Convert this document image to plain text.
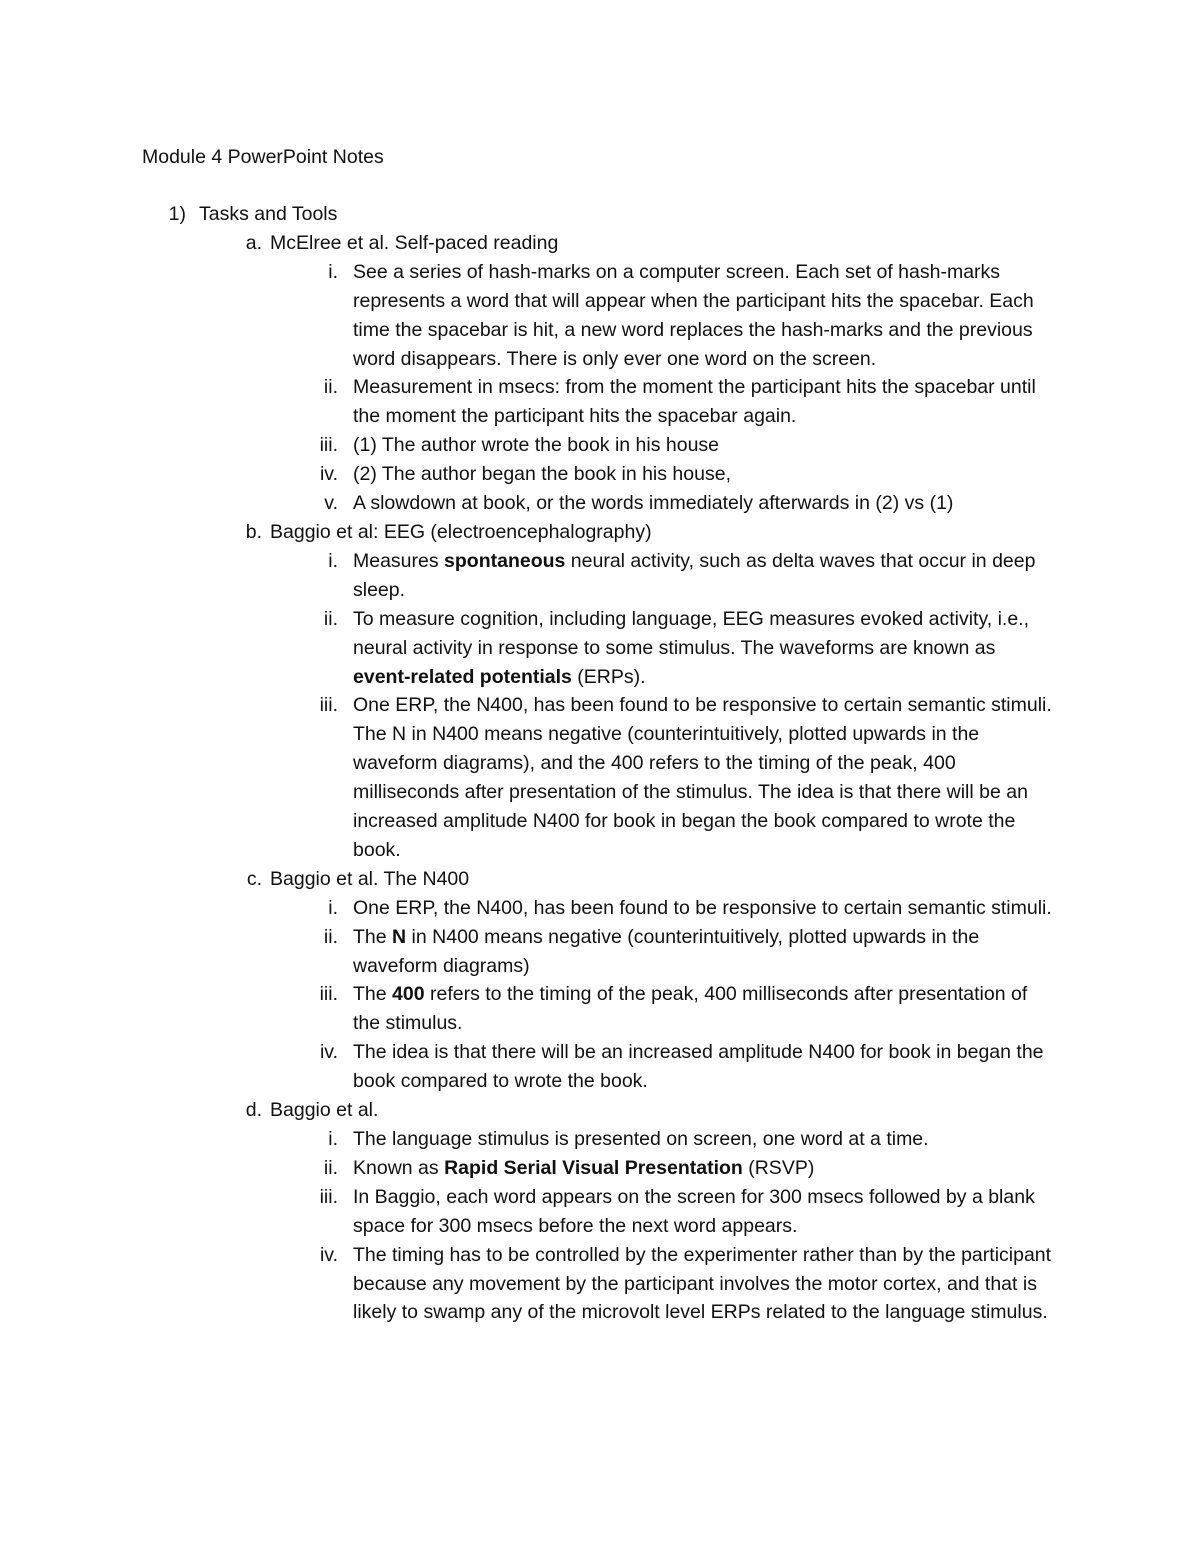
Module 4 PowerPoint Notes
1) Tasks and Tools
a. McElree et al. Self-paced reading
i. See a series of hash-marks on a computer screen. Each set of hash-marks represents a word that will appear when the participant hits the spacebar. Each time the spacebar is hit, a new word replaces the hash-marks and the previous word disappears. There is only ever one word on the screen.
ii. Measurement in msecs: from the moment the participant hits the spacebar until the moment the participant hits the spacebar again.
iii. (1) The author wrote the book in his house
iv. (2) The author began the book in his house,
v. A slowdown at book, or the words immediately afterwards in (2) vs (1)
b. Baggio et al: EEG (electroencephalography)
i. Measures spontaneous neural activity, such as delta waves that occur in deep sleep.
ii. To measure cognition, including language, EEG measures evoked activity, i.e., neural activity in response to some stimulus. The waveforms are known as event-related potentials (ERPs).
iii. One ERP, the N400, has been found to be responsive to certain semantic stimuli. The N in N400 means negative (counterintuitively, plotted upwards in the waveform diagrams), and the 400 refers to the timing of the peak, 400 milliseconds after presentation of the stimulus. The idea is that there will be an increased amplitude N400 for book in began the book compared to wrote the book.
c. Baggio et al. The N400
i. One ERP, the N400, has been found to be responsive to certain semantic stimuli.
ii. The N in N400 means negative (counterintuitively, plotted upwards in the waveform diagrams)
iii. The 400 refers to the timing of the peak, 400 milliseconds after presentation of the stimulus.
iv. The idea is that there will be an increased amplitude N400 for book in began the book compared to wrote the book.
d. Baggio et al.
i. The language stimulus is presented on screen, one word at a time.
ii. Known as Rapid Serial Visual Presentation (RSVP)
iii. In Baggio, each word appears on the screen for 300 msecs followed by a blank space for 300 msecs before the next word appears.
iv. The timing has to be controlled by the experimenter rather than by the participant because any movement by the participant involves the motor cortex, and that is likely to swamp any of the microvolt level ERPs related to the language stimulus.
